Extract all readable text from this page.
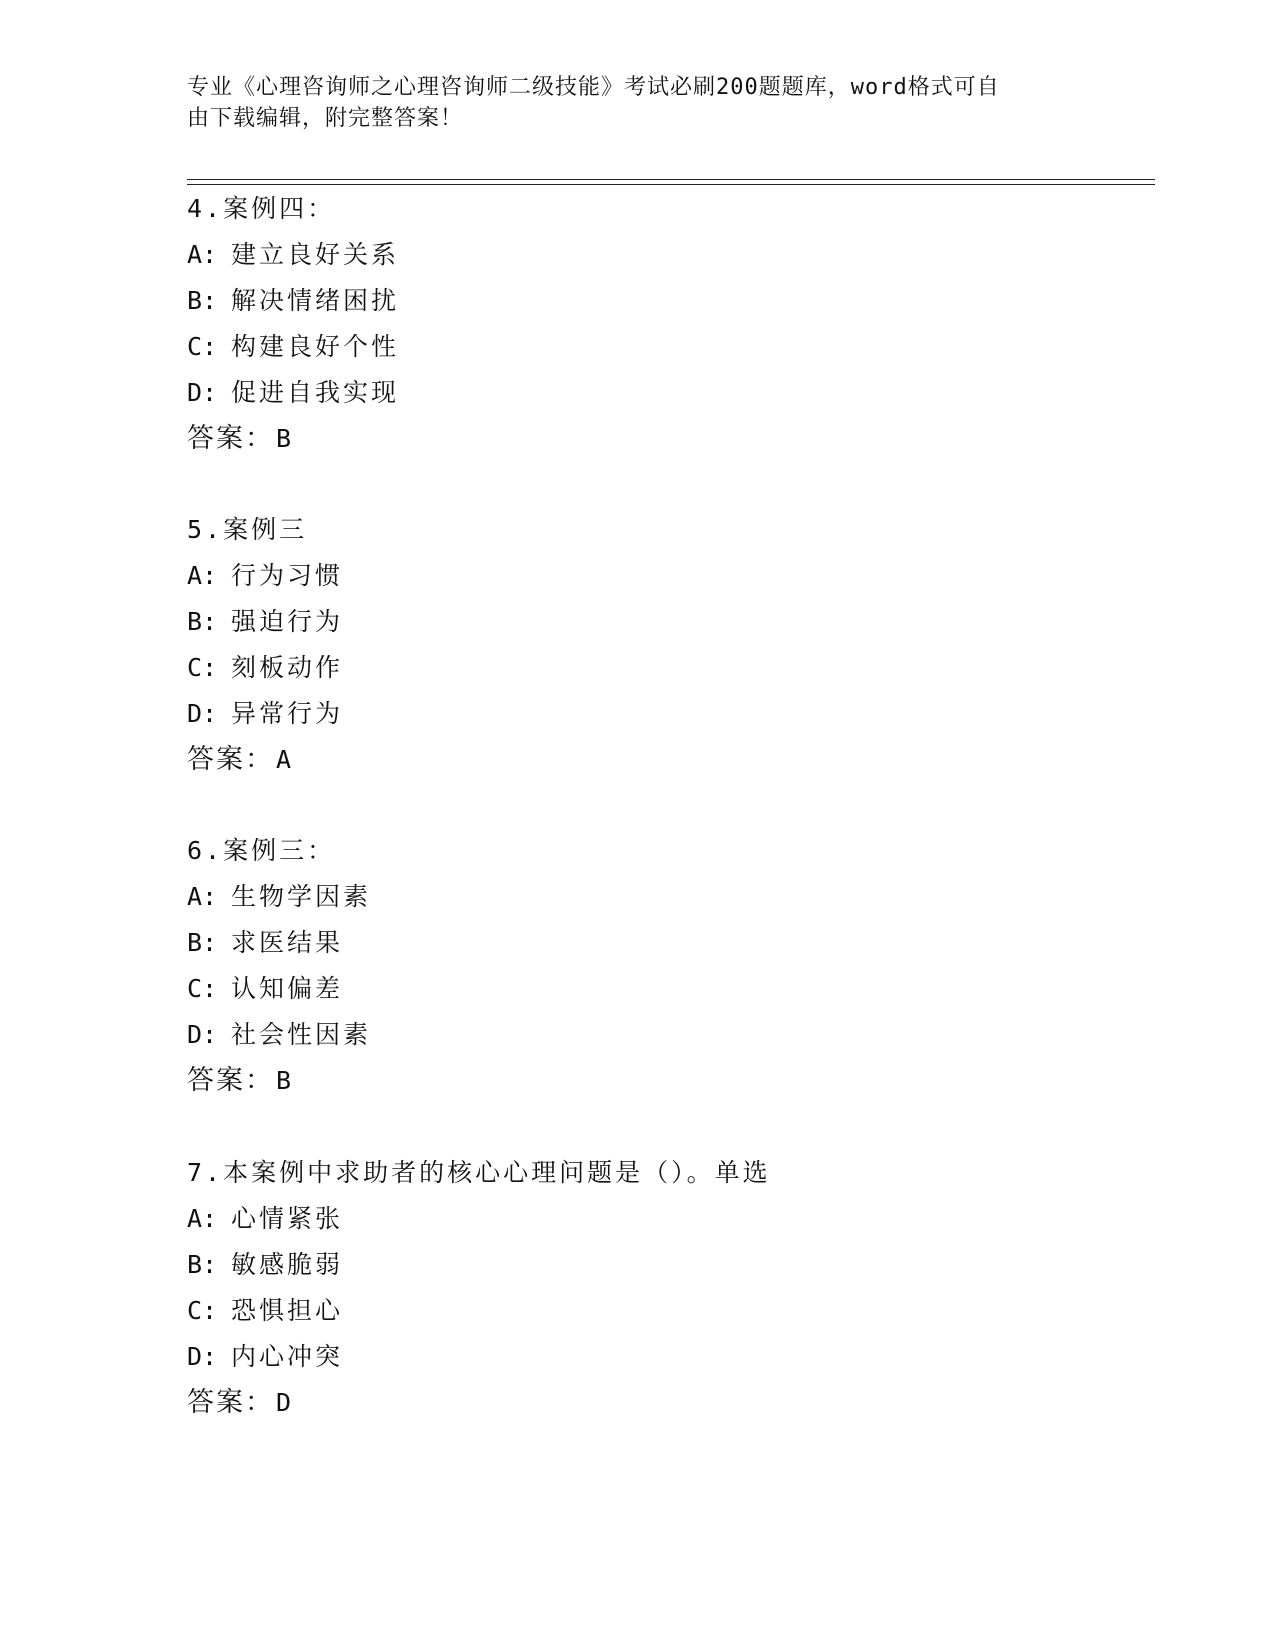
专业《心理咨询师之心理咨询师二级技能》考试必刷200题题库，word格式可自
由下载编辑，附完整答案！
4.案例四：
A: 建立良好关系
B: 解决情绪困扰
C: 构建良好个性
D: 促进自我实现
答案：B
5.案例三
A: 行为习惯
B: 强迫行为
C: 刻板动作
D: 异常行为
答案：A
6.案例三：
A: 生物学因素
B: 求医结果
C: 认知偏差
D: 社会性因素
答案：B
7.本案例中求助者的核心心理问题是（）。单选
A: 心情紧张
B: 敏感脆弱
C: 恐惧担心
D: 内心冲突
答案：D
